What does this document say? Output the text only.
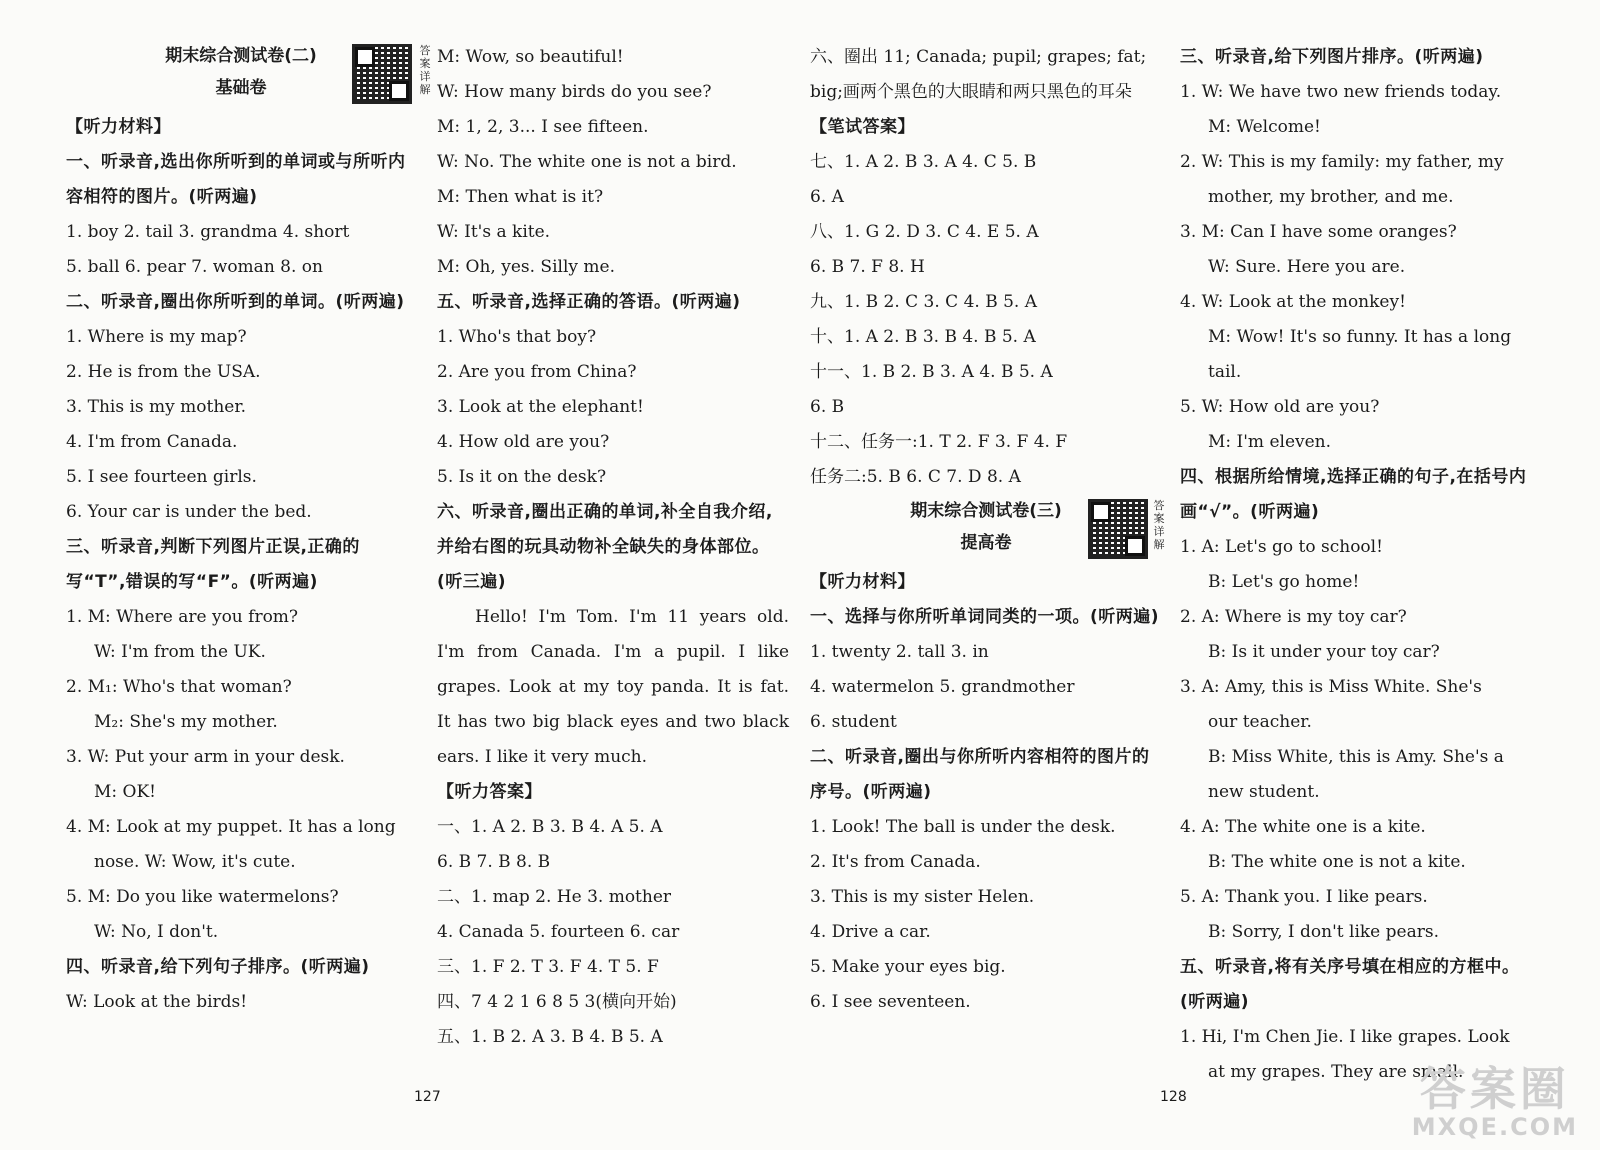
期末综合测试卷(二)
基础卷
答案详解
【听力材料】
一、听录音,选出你所听到的单词或与所听内容相符的图片。(听两遍)
1. boy 2. tail 3. grandma 4. short
5. ball 6. pear 7. woman 8. on
二、听录音,圈出你所听到的单词。(听两遍)
1. Where is my map?
2. He is from the USA.
3. This is my mother.
4. I'm from Canada.
5. I see fourteen girls.
6. Your car is under the bed.
三、听录音,判断下列图片正误,正确的写“T”,错误的写“F”。(听两遍)
1. M: Where are you from?
W: I'm from the UK.
2. M₁: Who's that woman?
M₂: She's my mother.
3. W: Put your arm in your desk.
M: OK!
4. M: Look at my puppet. It has a long
nose. W: Wow, it's cute.
5. M: Do you like watermelons?
W: No, I don't.
四、听录音,给下列句子排序。(听两遍)
W: Look at the birds!
M: Wow, so beautiful!
W: How many birds do you see?
M: 1, 2, 3... I see fifteen.
W: No. The white one is not a bird.
M: Then what is it?
W: It's a kite.
M: Oh, yes. Silly me.
五、听录音,选择正确的答语。(听两遍)
1. Who's that boy?
2. Are you from China?
3. Look at the elephant!
4. How old are you?
5. Is it on the desk?
六、听录音,圈出正确的单词,补全自我介绍,并给右图的玩具动物补全缺失的身体部位。(听三遍)
Hello! I'm Tom. I'm 11 years old. I'm from Canada. I'm a pupil. I like grapes. Look at my toy panda. It is fat. It has two big black eyes and two black ears. I like it very much.
【听力答案】
一、1. A 2. B 3. B 4. A 5. A
6. B 7. B 8. B
二、1. map 2. He 3. mother
4. Canada 5. fourteen 6. car
三、1. F 2. T 3. F 4. T 5. F
四、7 4 2 1 6 8 5 3(横向开始)
五、1. B 2. A 3. B 4. B 5. A
127
六、圈出 11; Canada; pupil; grapes; fat; big;画两个黑色的大眼睛和两只黑色的耳朵
【笔试答案】
七、1. A 2. B 3. A 4. C 5. B
6. A
八、1. G 2. D 3. C 4. E 5. A
6. B 7. F 8. H
九、1. B 2. C 3. C 4. B 5. A
十、1. A 2. B 3. B 4. B 5. A
十一、1. B 2. B 3. A 4. B 5. A
6. B
十二、任务一:1. T 2. F 3. F 4. F
任务二:5. B 6. C 7. D 8. A
期末综合测试卷(三)
提高卷
答案详解
【听力材料】
一、选择与你所听单词同类的一项。(听两遍)
1. twenty 2. tall 3. in
4. watermelon 5. grandmother
6. student
二、听录音,圈出与你所听内容相符的图片的序号。(听两遍)
1. Look! The ball is under the desk.
2. It's from Canada.
3. This is my sister Helen.
4. Drive a car.
5. Make your eyes big.
6. I see seventeen.
三、听录音,给下列图片排序。(听两遍)
1. W: We have two new friends today.
M: Welcome!
2. W: This is my family: my father, my
mother, my brother, and me.
3. M: Can I have some oranges?
W: Sure. Here you are.
4. W: Look at the monkey!
M: Wow! It's so funny. It has a long
tail.
5. W: How old are you?
M: I'm eleven.
四、根据所给情境,选择正确的句子,在括号内画“√”。(听两遍)
1. A: Let's go to school!
B: Let's go home!
2. A: Where is my toy car?
B: Is it under your toy car?
3. A: Amy, this is Miss White. She's
our teacher.
B: Miss White, this is Amy. She's a
new student.
4. A: The white one is a kite.
B: The white one is not a kite.
5. A: Thank you. I like pears.
B: Sorry, I don't like pears.
五、听录音,将有关序号填在相应的方框中。(听两遍)
1. Hi, I'm Chen Jie. I like grapes. Look
at my grapes. They are small.
128	答案圈
MXQE.COM
